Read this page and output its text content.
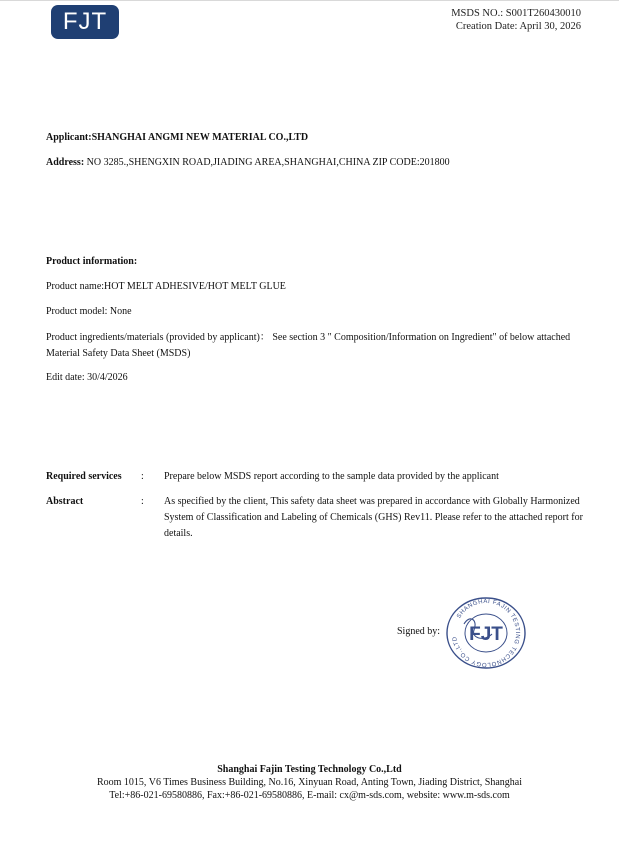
FJT	MSDS NO.: S001T260430010
Creation Date: April 30, 2026
Applicant:SHANGHAI ANGMI NEW MATERIAL CO.,LTD
Address: NO 3285.,SHENGXIN ROAD,JIADING AREA,SHANGHAI,CHINA ZIP CODE:201800
Product information:
Product name:HOT MELT ADHESIVE/HOT MELT GLUE
Product model: None
Product ingredients/materials (provided by applicant)： See section 3 " Composition/Information on Ingredient" of below attached Material Safety Data Sheet (MSDS)
Edit date: 30/4/2026
Required services	: Prepare below MSDS report according to the sample data provided by the applicant
Abstract	: As specified by the client, This safety data sheet was prepared in accordance with Globally Harmonized System of Classification and Labeling of Chemicals (GHS) Rev11. Please refer to the attached report for details.
Signed by:
SHANGHAI FAJIN TESTING TECHNOLOGY CO.,LTD FJT
Shanghai Fajin Testing Technology Co.,Ltd
Room 1015, V6 Times Business Building, No.16, Xinyuan Road, Anting Town, Jiading District, Shanghai
Tel:+86-021-69580886, Fax:+86-021-69580886, E-mail: cx@m-sds.com, website: www.m-sds.com
